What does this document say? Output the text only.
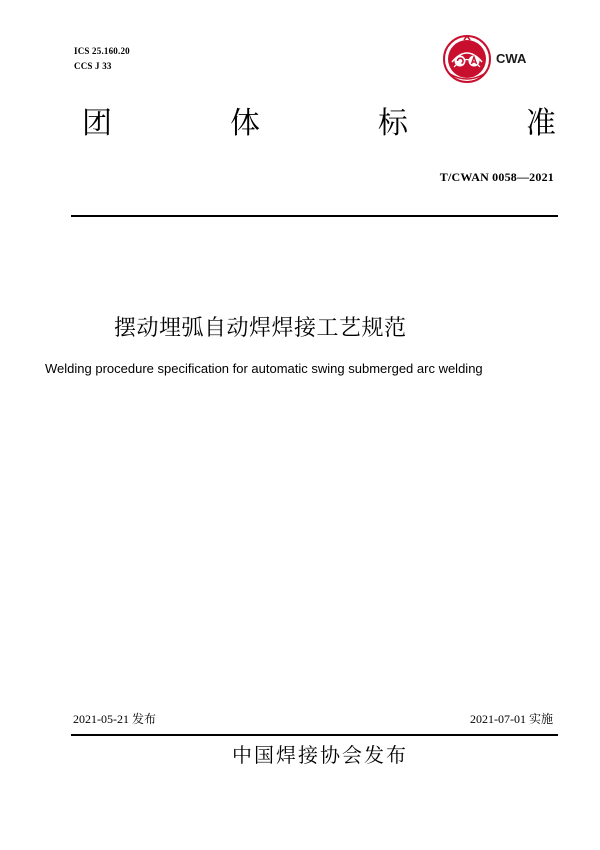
ICS 25.160.20
CCS J 33	CWA
团	体	标	准
T/CWAN 0058—2021
摆动埋弧自动焊焊接工艺规范
Welding procedure specification for automatic swing submerged arc welding
2021-05-21 发布	2021-07-01 实施
中国焊接协会发布
